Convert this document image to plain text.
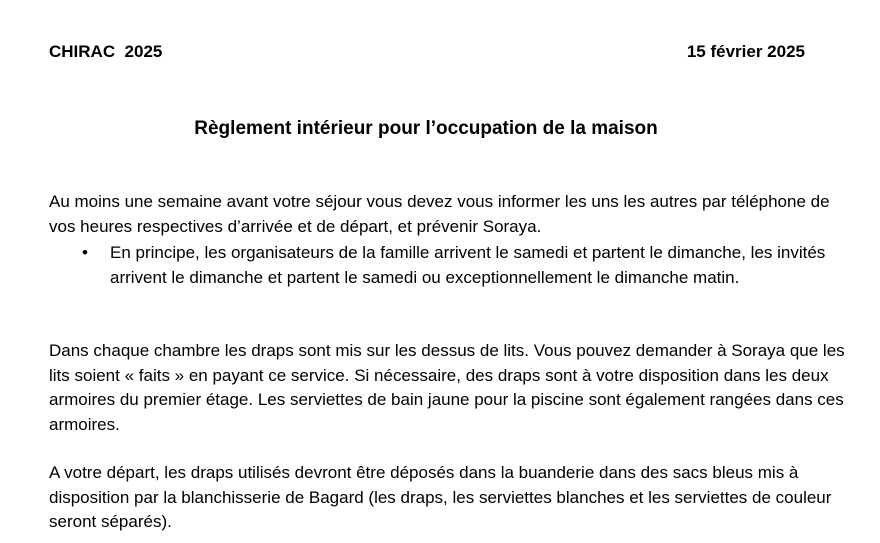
CHIRAC  2025	15 février 2025
Règlement intérieur pour l’occupation de la maison

Au moins une semaine avant votre séjour vous devez vous informer les uns les autres par téléphone de vos heures respectives d’arrivée et de départ, et prévenir Soraya.

• En principe, les organisateurs de la famille arrivent le samedi et partent le dimanche, les invités arrivent le dimanche et partent le samedi ou exceptionnellement le dimanche matin.

Dans chaque chambre les draps sont mis sur les dessus de lits. Vous pouvez demander à Soraya que les lits soient « faits » en payant ce service. Si nécessaire, des draps sont à votre disposition dans les deux armoires du premier étage. Les serviettes de bain jaune pour la piscine sont également rangées dans ces armoires.

A votre départ, les draps utilisés devront être déposés dans la buanderie dans des sacs bleus mis à disposition par la blanchisserie de Bagard (les draps, les serviettes blanches et les serviettes de couleur seront séparés).
